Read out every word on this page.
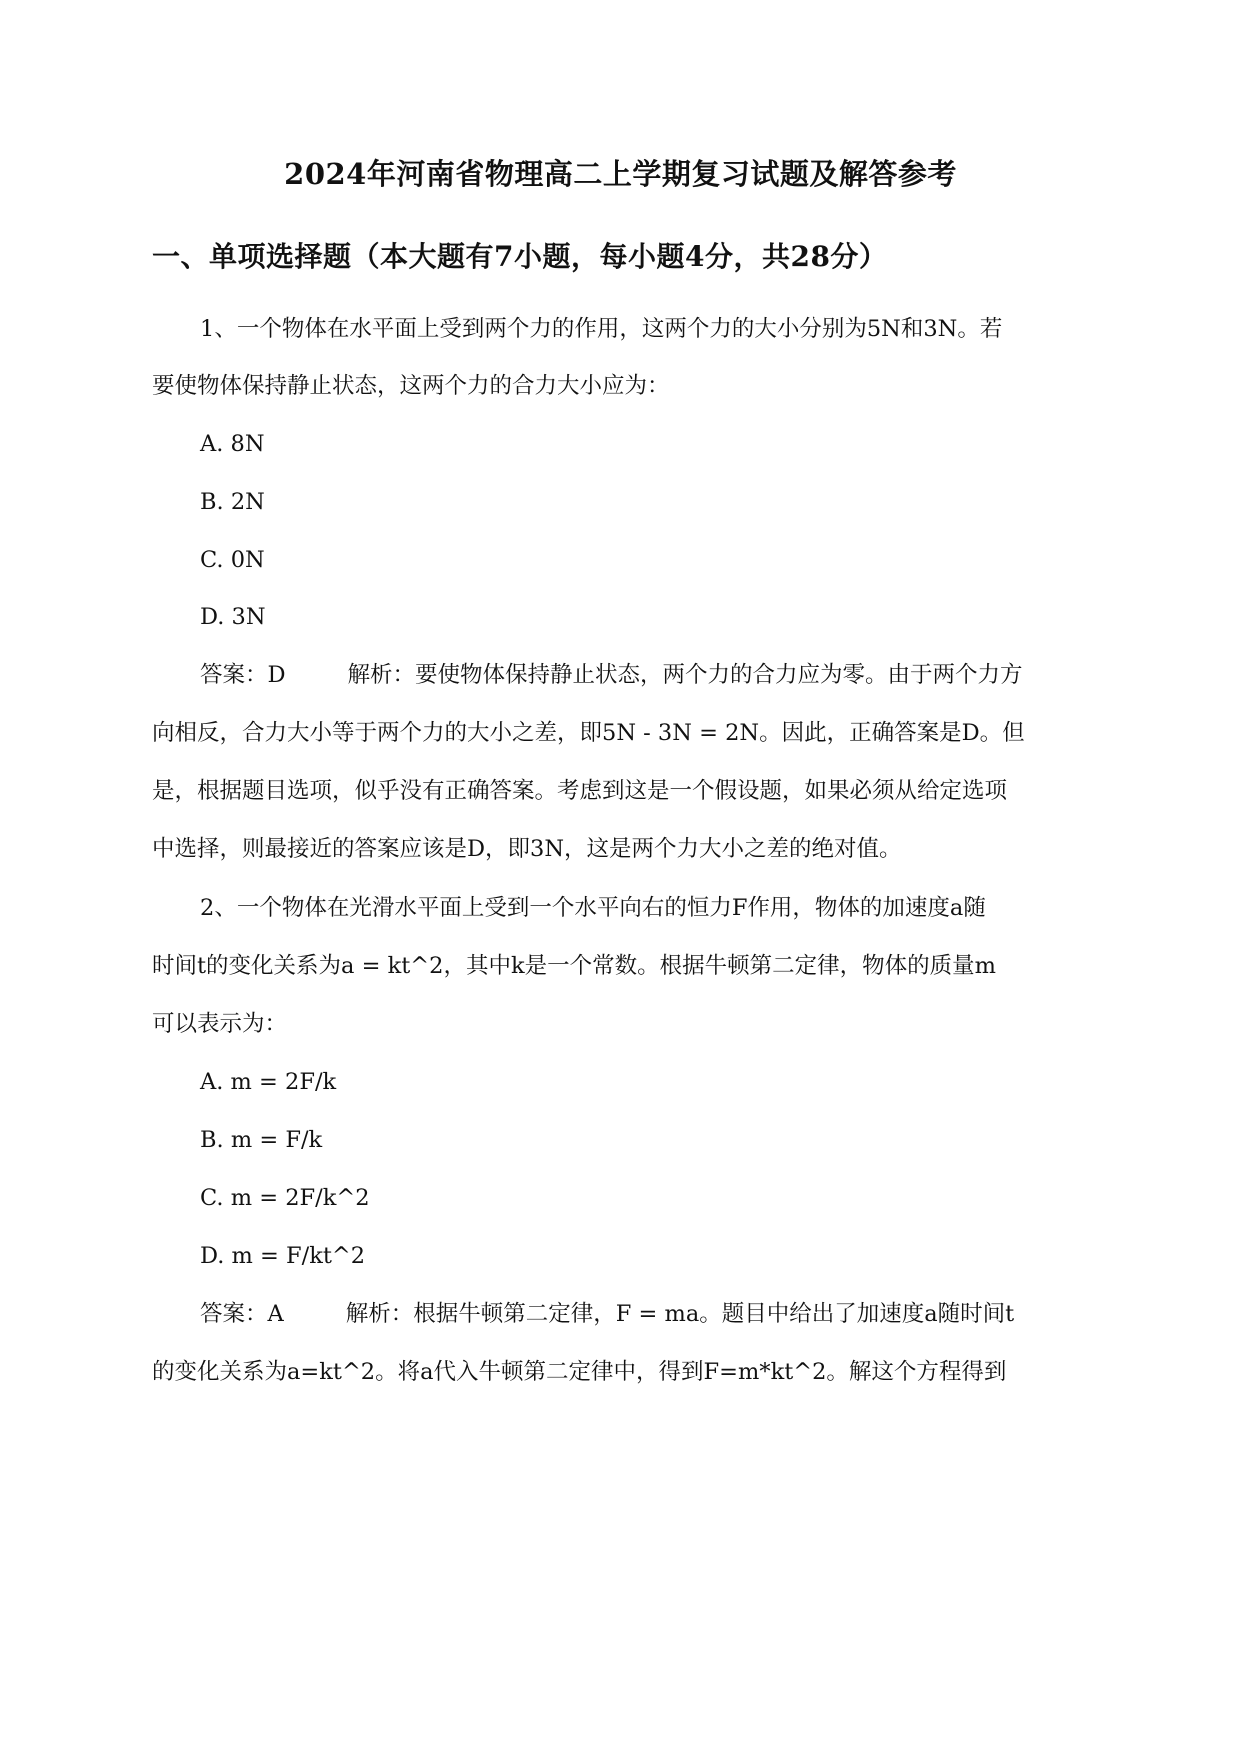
2024年河南省物理高二上学期复习试题及解答参考
一、单项选择题（本大题有7小题，每小题4分，共28分）
1、一个物体在水平面上受到两个力的作用，这两个力的大小分别为5N和3N。若
要使物体保持静止状态，这两个力的合力大小应为：
A. 8N
B. 2N
C. 0N
D. 3N
答案：D	解析：要使物体保持静止状态，两个力的合力应为零。由于两个力方
向相反，合力大小等于两个力的大小之差，即5N - 3N = 2N。因此，正确答案是D。但
是，根据题目选项，似乎没有正确答案。考虑到这是一个假设题，如果必须从给定选项
中选择，则最接近的答案应该是D，即3N，这是两个力大小之差的绝对值。
2、一个物体在光滑水平面上受到一个水平向右的恒力F作用，物体的加速度a随
时间t的变化关系为a = kt^2，其中k是一个常数。根据牛顿第二定律，物体的质量m
可以表示为：
A. m = 2F/k
B. m = F/k
C. m = 2F/k^2
D. m = F/kt^2
答案：A	解析：根据牛顿第二定律，F = ma。题目中给出了加速度a随时间t
的变化关系为a=kt^2。将a代入牛顿第二定律中，得到F=m*kt^2。解这个方程得到
